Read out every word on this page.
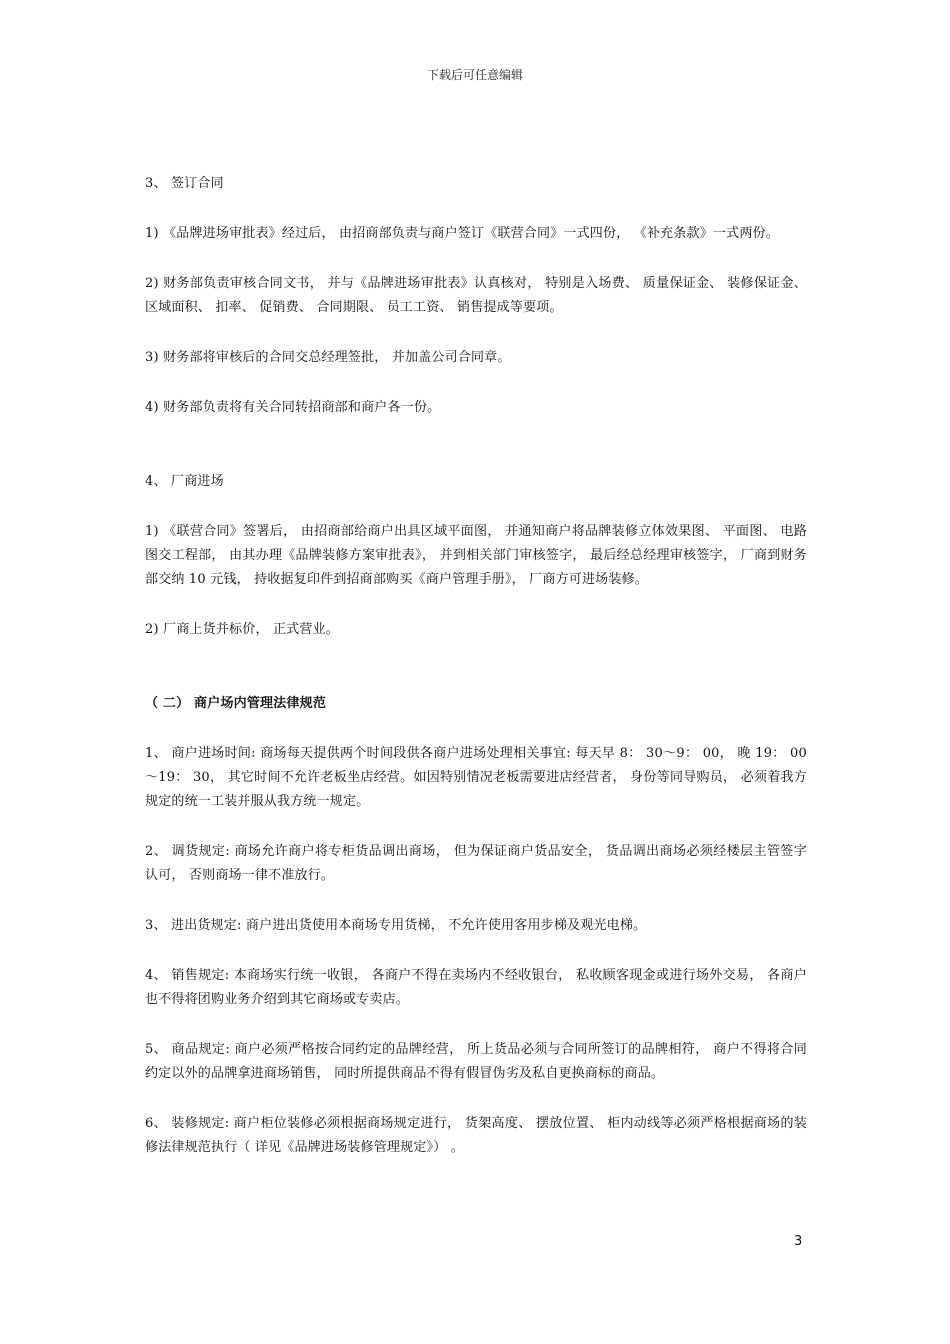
下载后可任意编辑

3、 签订合同

1) 《品牌进场审批表》经过后， 由招商部负责与商户签订《联营合同》一式四份， 《补充条款》一式两份。

2) 财务部负责审核合同文书， 并与《品牌进场审批表》认真核对， 特别是入场费、 质量保证金、 装修保证金、 区域面积、 扣率、 促销费、 合同期限、 员工工资、 销售提成等要项。

3) 财务部将审核后的合同交总经理签批， 并加盖公司合同章。

4) 财务部负责将有关合同转招商部和商户各一份。

4、 厂商进场

1) 《联营合同》签署后， 由招商部给商户出具区域平面图， 并通知商户将品牌装修立体效果图、 平面图、 电路图交工程部， 由其办理《品牌装修方案审批表》， 并到相关部门审核签字， 最后经总经理审核签字， 厂商到财务部交纳 10 元钱， 持收据复印件到招商部购买《商户管理手册》， 厂商方可进场装修。

2) 厂商上货并标价， 正式营业。

（ 二） 商户场内管理法律规范

1、 商户进场时间: 商场每天提供两个时间段供各商户进场处理相关事宜: 每天早 8： 30～9： 00， 晚 19： 00～19： 30， 其它时间不允许老板坐店经营。如因特别情况老板需要进店经营者， 身份等同导购员， 必须着我方规定的统一工装并服从我方统一规定。

2、 调货规定: 商场允许商户将专柜货品调出商场， 但为保证商户货品安全， 货品调出商场必须经楼层主管签字认可， 否则商场一律不准放行。

3、 进出货规定: 商户进出货使用本商场专用货梯， 不允许使用客用步梯及观光电梯。

4、 销售规定: 本商场实行统一收银， 各商户不得在卖场内不经收银台， 私收顾客现金或进行场外交易， 各商户也不得将团购业务介绍到其它商场或专卖店。

5、 商品规定: 商户必须严格按合同约定的品牌经营， 所上货品必须与合同所签订的品牌相符， 商户不得将合同约定以外的品牌拿进商场销售， 同时所提供商品不得有假冒伪劣及私自更换商标的商品。

6、 装修规定: 商户柜位装修必须根据商场规定进行， 货架高度、 摆放位置、 柜内动线等必须严格根据商场的装修法律规范执行（ 详见《品牌进场装修管理规定》） 。

3
